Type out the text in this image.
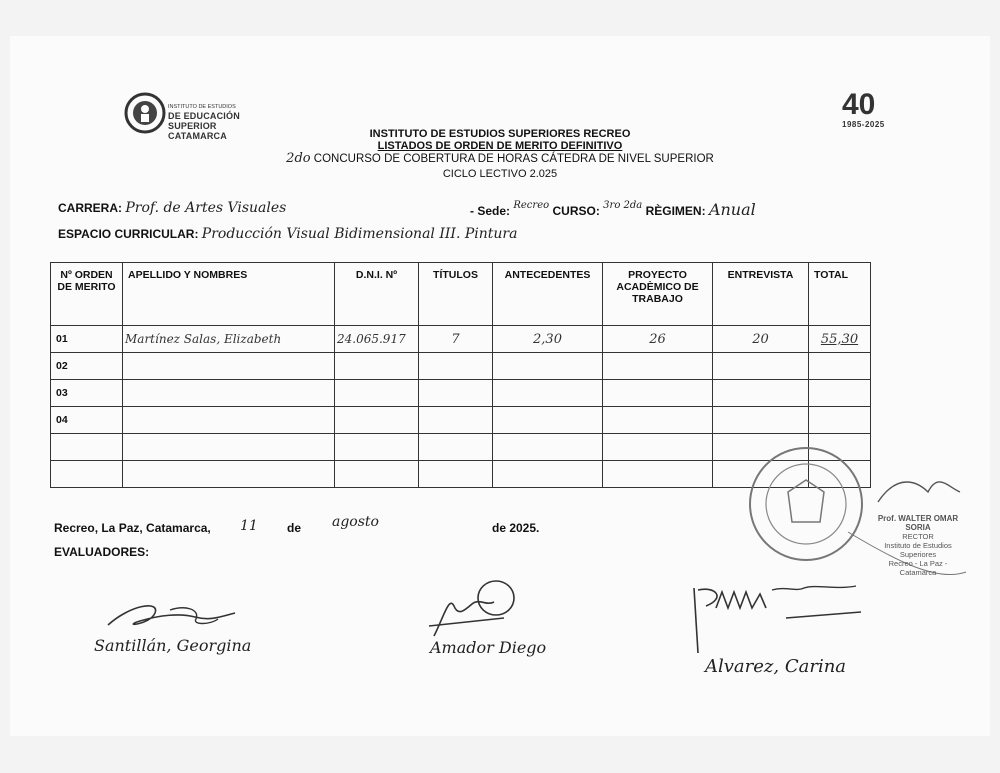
INSTITUTO DE ESTUDIOS
DE EDUCACIÓN SUPERIOR
CATAMARCA
40
1985-2025
INSTITUTO DE ESTUDIOS SUPERIORES RECREO
LISTADOS DE ORDEN DE MERITO DEFINITIVO
2do CONCURSO DE COBERTURA DE HORAS CÁTEDRA DE NIVEL SUPERIOR
CICLO LECTIVO 2.025
CARRERA: Prof. de Artes Visuales	- Sede: $^{Recreo}$ CURSO: $^{3ro 2da}$ RÈGIMEN: Anual
ESPACIO CURRICULAR: Producción Visual Bidimensional III. Pintura
Nº ORDEN DE MERITO	APELLIDO Y NOMBRES	D.N.I. Nº	TÍTULOS	ANTECEDENTES	PROYECTO ACADÈMICO DE TRABAJO	ENTREVISTA	TOTAL
01	Martínez Salas, Elizabeth	24.065.917	7	2,30	26	20	55,30
02							
03							
04							

Recreo, La Paz, Catamarca, 11 de agosto	de 2025.
EVALUADORES:
Santillán, Georgina	Amador Diego
Alvarez, Carina
Prof. WALTER OMAR SORIA
RECTOR
Instituto de Estudios Superiores
Recreo - La Paz - Catamarca
